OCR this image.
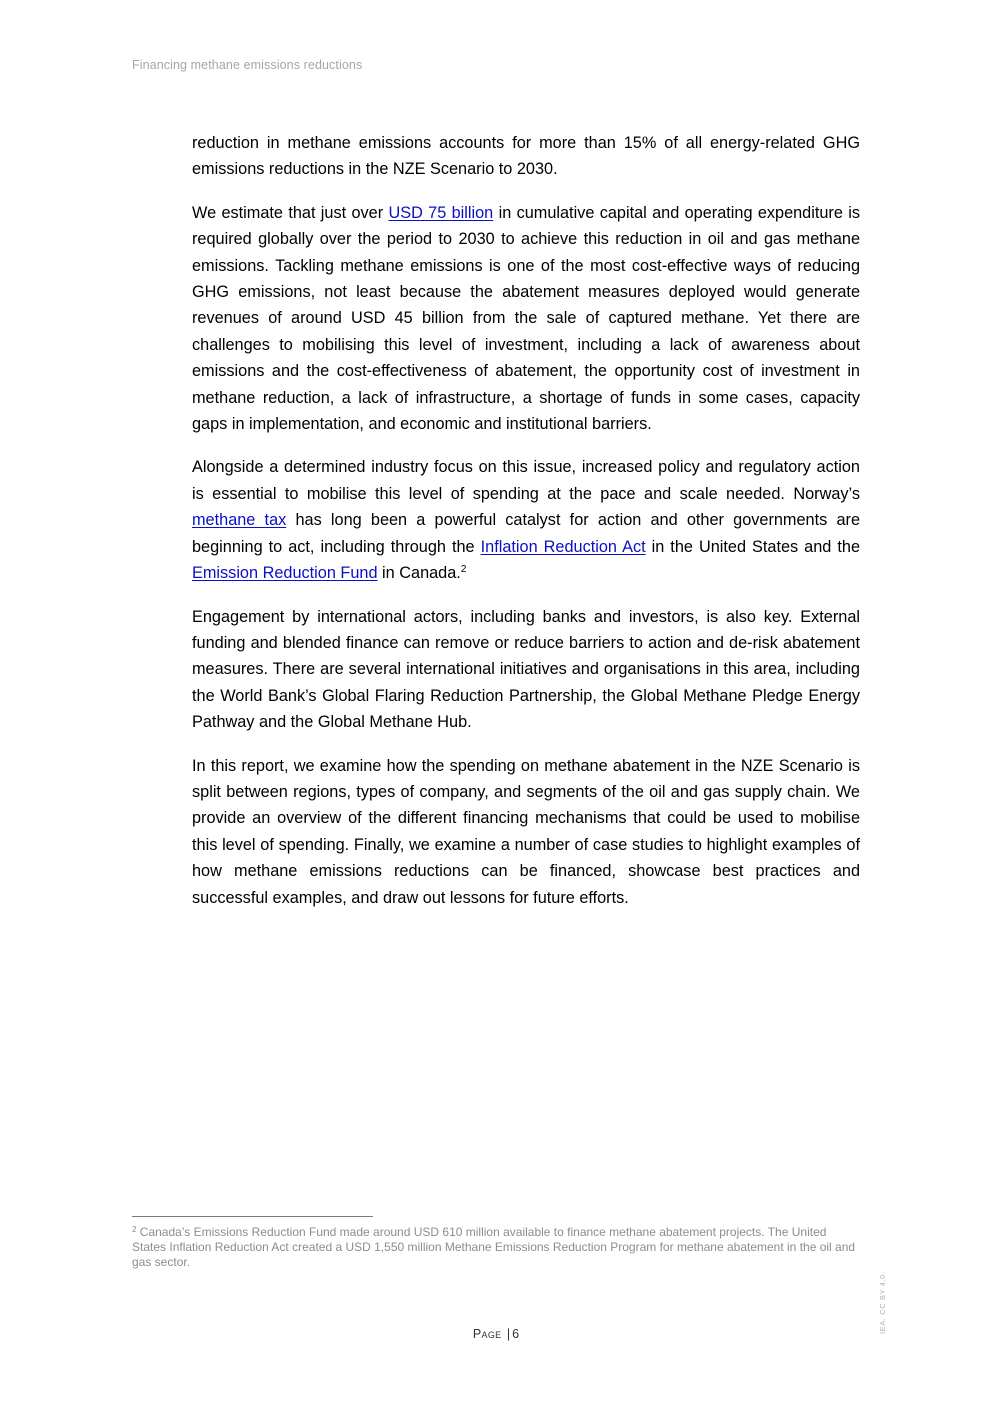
Financing methane emissions reductions

reduction in methane emissions accounts for more than 15% of all energy-related GHG emissions reductions in the NZE Scenario to 2030.

We estimate that just over USD 75 billion in cumulative capital and operating expenditure is required globally over the period to 2030 to achieve this reduction in oil and gas methane emissions. Tackling methane emissions is one of the most cost-effective ways of reducing GHG emissions, not least because the abatement measures deployed would generate revenues of around USD 45 billion from the sale of captured methane. Yet there are challenges to mobilising this level of investment, including a lack of awareness about emissions and the cost-effectiveness of abatement, the opportunity cost of investment in methane reduction, a lack of infrastructure, a shortage of funds in some cases, capacity gaps in implementation, and economic and institutional barriers.

Alongside a determined industry focus on this issue, increased policy and regulatory action is essential to mobilise this level of spending at the pace and scale needed. Norway’s methane tax has long been a powerful catalyst for action and other governments are beginning to act, including through the Inflation Reduction Act in the United States and the Emission Reduction Fund in Canada.$^2$

Engagement by international actors, including banks and investors, is also key. External funding and blended finance can remove or reduce barriers to action and de-risk abatement measures. There are several international initiatives and organisations in this area, including the World Bank’s Global Flaring Reduction Partnership, the Global Methane Pledge Energy Pathway and the Global Methane Hub.

In this report, we examine how the spending on methane abatement in the NZE Scenario is split between regions, types of company, and segments of the oil and gas supply chain. We provide an overview of the different financing mechanisms that could be used to mobilise this level of spending. Finally, we examine a number of case studies to highlight examples of how methane emissions reductions can be financed, showcase best practices and successful examples, and draw out lessons for future efforts.

$^2$ Canada’s Emissions Reduction Fund made around USD 610 million available to finance methane abatement projects. The United States Inflation Reduction Act created a USD 1,550 million Methane Emissions Reduction Program for methane abatement in the oil and gas sector.
IEA. CC BY 4.0.
Page | 6
